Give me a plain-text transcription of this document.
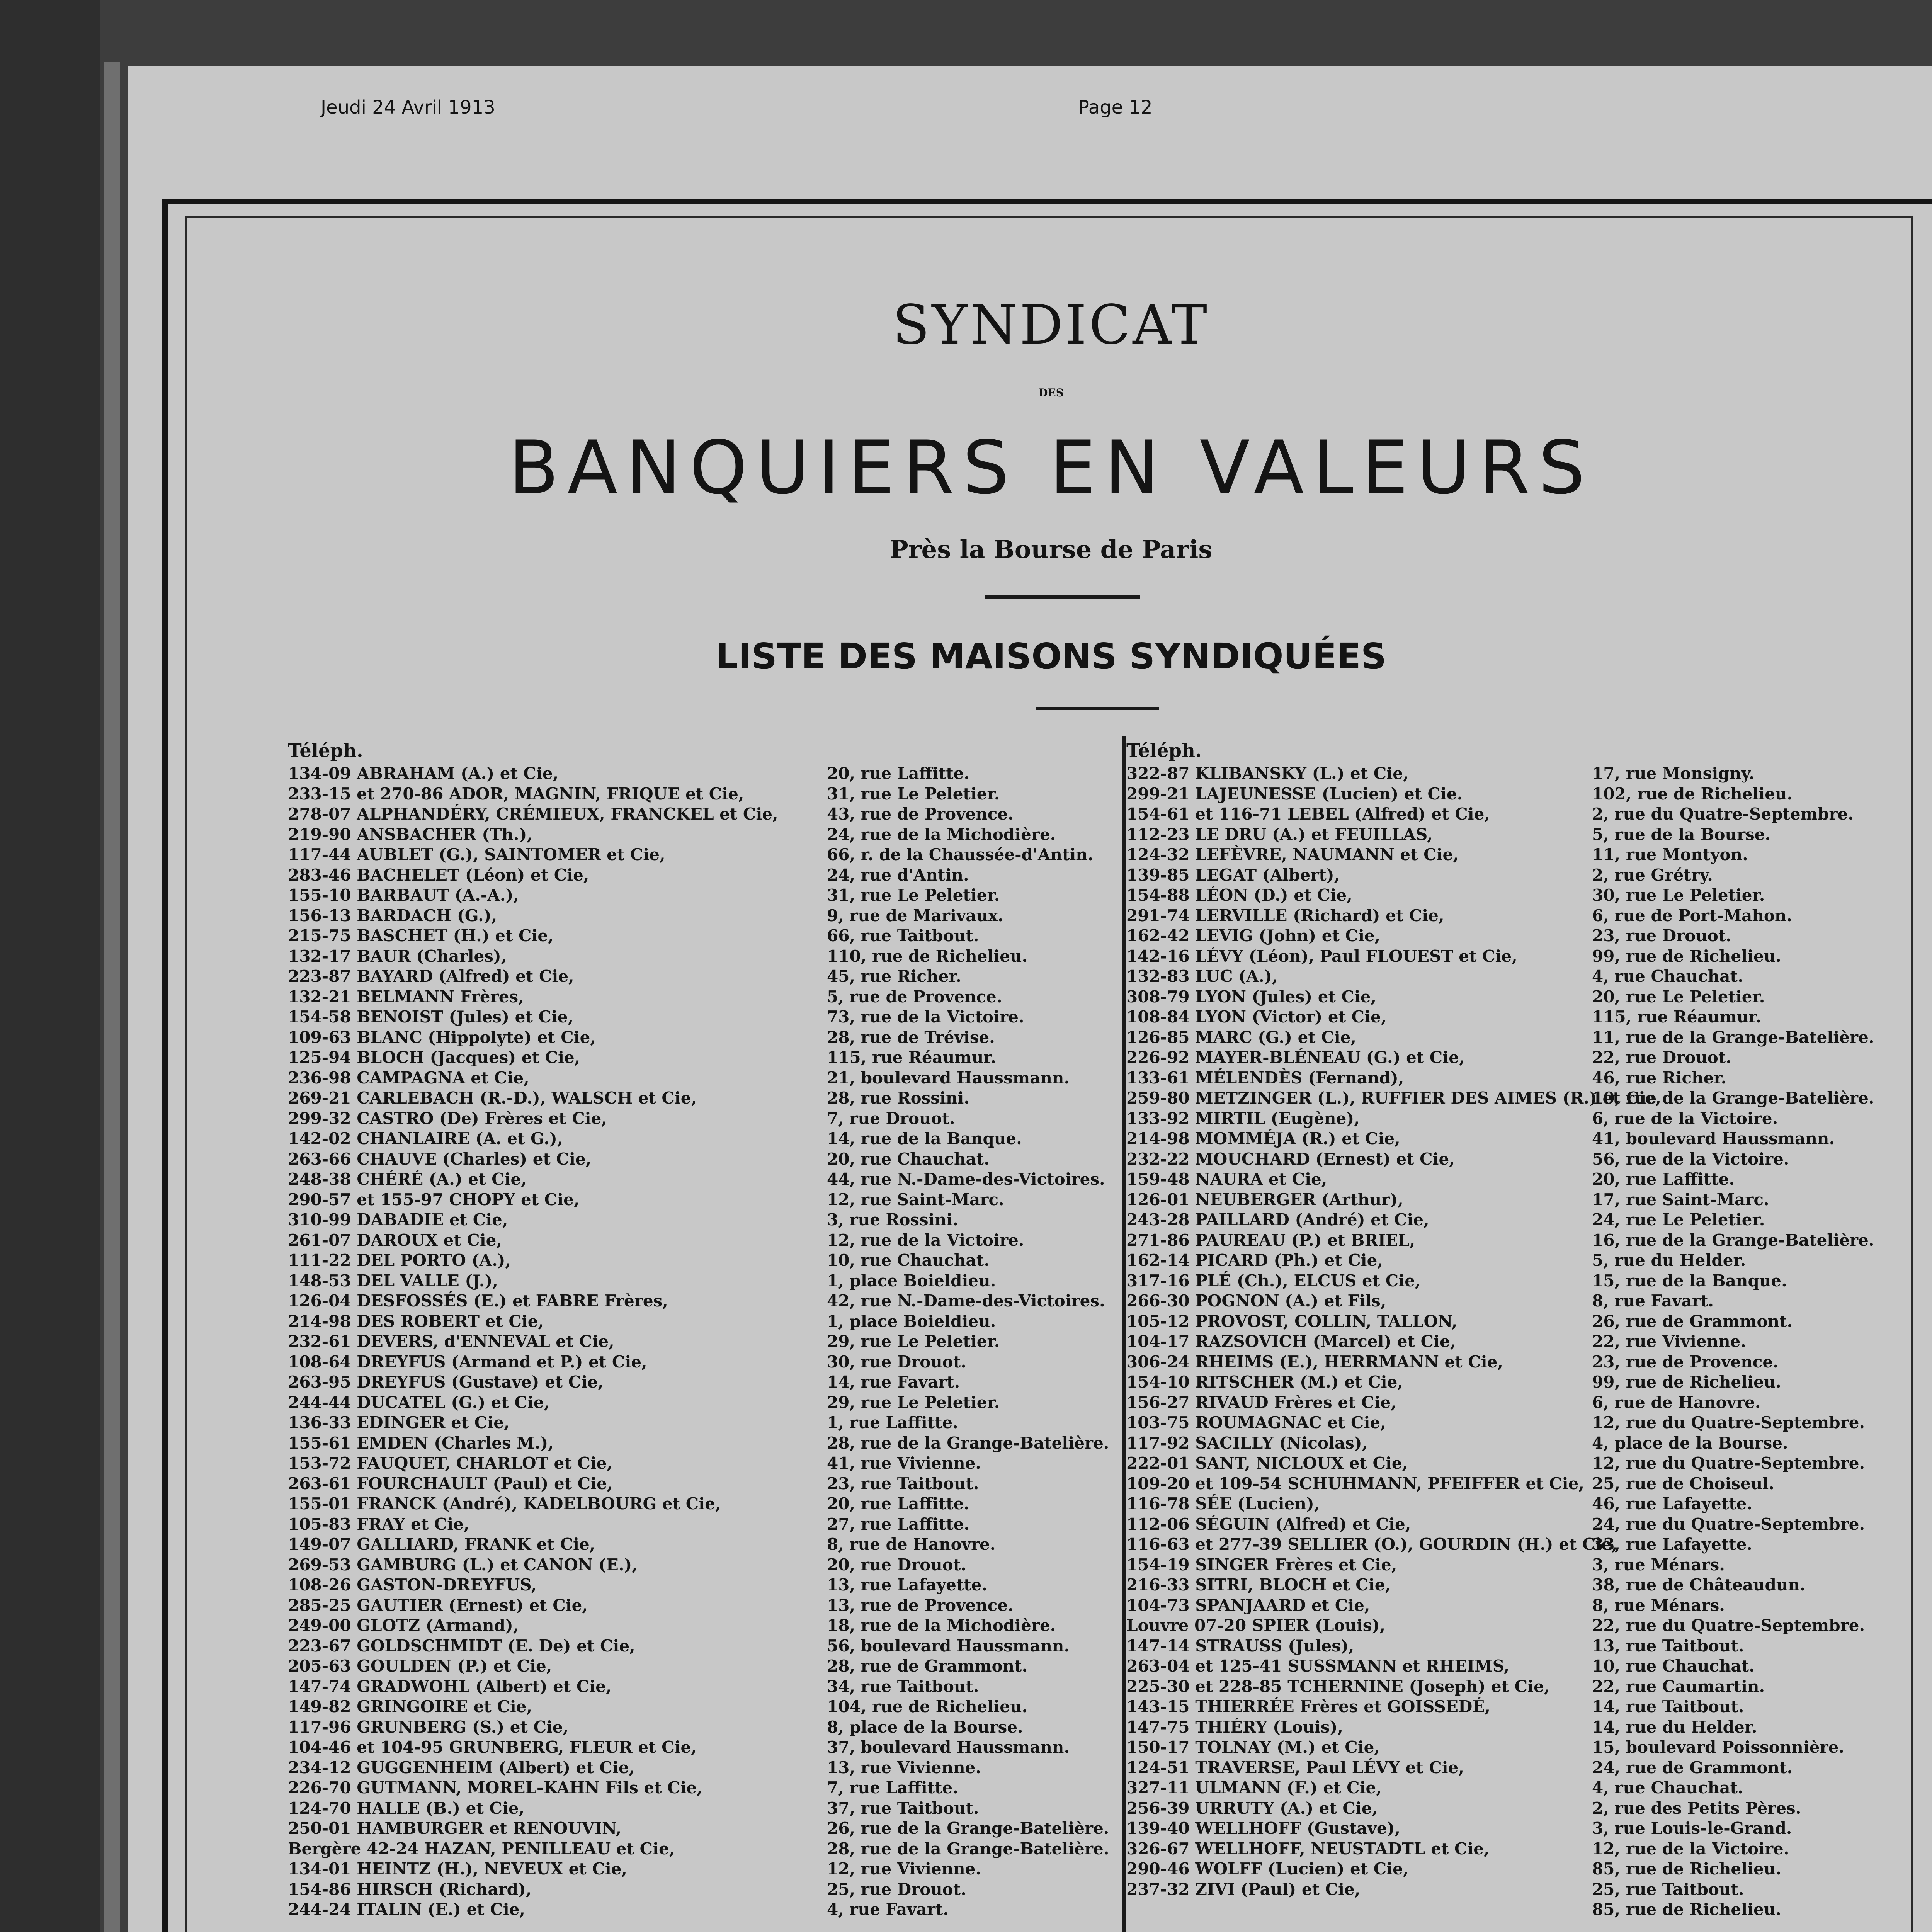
Jeudi 24 Avril 1913	Page 12
SYNDICAT
DES
BANQUIERS EN VALEURS
Près la Bourse de Paris
LISTE DES MAISONS SYNDIQUÉES
Téléph.
134-09 ABRAHAM (A.) et Cie,	20, rue Laffitte.
233-15 et 270-86 ADOR, MAGNIN, FRIQUE et Cie,	31, rue Le Peletier.
278-07 ALPHANDÉRY, CRÉMIEUX, FRANCKEL et Cie,	43, rue de Provence.
219-90 ANSBACHER (Th.),	24, rue de la Michodière.
117-44 AUBLET (G.), SAINTOMER et Cie,	66, r. de la Chaussée-d'Antin.
283-46 BACHELET (Léon) et Cie,	24, rue d'Antin.
155-10 BARBAUT (A.-A.),	31, rue Le Peletier.
156-13 BARDACH (G.),	9, rue de Marivaux.
215-75 BASCHET (H.) et Cie,	66, rue Taitbout.
132-17 BAUR (Charles),	110, rue de Richelieu.
223-87 BAYARD (Alfred) et Cie,	45, rue Richer.
132-21 BELMANN Frères,	5, rue de Provence.
154-58 BENOIST (Jules) et Cie,	73, rue de la Victoire.
109-63 BLANC (Hippolyte) et Cie,	28, rue de Trévise.
125-94 BLOCH (Jacques) et Cie,	115, rue Réaumur.
236-98 CAMPAGNA et Cie,	21, boulevard Haussmann.
269-21 CARLEBACH (R.-D.), WALSCH et Cie,	28, rue Rossini.
299-32 CASTRO (De) Frères et Cie,	7, rue Drouot.
142-02 CHANLAIRE (A. et G.),	14, rue de la Banque.
263-66 CHAUVE (Charles) et Cie,	20, rue Chauchat.
248-38 CHÉRÉ (A.) et Cie,	44, rue N.-Dame-des-Victoires.
290-57 et 155-97 CHOPY et Cie,	12, rue Saint-Marc.
310-99 DABADIE et Cie,	3, rue Rossini.
261-07 DAROUX et Cie,	12, rue de la Victoire.
111-22 DEL PORTO (A.),	10, rue Chauchat.
148-53 DEL VALLE (J.),	1, place Boieldieu.
126-04 DESFOSSÉS (E.) et FABRE Frères,	42, rue N.-Dame-des-Victoires.
214-98 DES ROBERT et Cie,	1, place Boieldieu.
232-61 DEVERS, d'ENNEVAL et Cie,	29, rue Le Peletier.
108-64 DREYFUS (Armand et P.) et Cie,	30, rue Drouot.
263-95 DREYFUS (Gustave) et Cie,	14, rue Favart.
244-44 DUCATEL (G.) et Cie,	29, rue Le Peletier.
136-33 EDINGER et Cie,	1, rue Laffitte.
155-61 EMDEN (Charles M.),	28, rue de la Grange-Batelière.
153-72 FAUQUET, CHARLOT et Cie,	41, rue Vivienne.
263-61 FOURCHAULT (Paul) et Cie,	23, rue Taitbout.
155-01 FRANCK (André), KADELBOURG et Cie,	20, rue Laffitte.
105-83 FRAY et Cie,	27, rue Laffitte.
149-07 GALLIARD, FRANK et Cie,	8, rue de Hanovre.
269-53 GAMBURG (L.) et CANON (E.),	20, rue Drouot.
108-26 GASTON-DREYFUS,	13, rue Lafayette.
285-25 GAUTIER (Ernest) et Cie,	13, rue de Provence.
249-00 GLOTZ (Armand),	18, rue de la Michodière.
223-67 GOLDSCHMIDT (E. De) et Cie,	56, boulevard Haussmann.
205-63 GOULDEN (P.) et Cie,	28, rue de Grammont.
147-74 GRADWOHL (Albert) et Cie,	34, rue Taitbout.
149-82 GRINGOIRE et Cie,	104, rue de Richelieu.
117-96 GRUNBERG (S.) et Cie,	8, place de la Bourse.
104-46 et 104-95 GRUNBERG, FLEUR et Cie,	37, boulevard Haussmann.
234-12 GUGGENHEIM (Albert) et Cie,	13, rue Vivienne.
226-70 GUTMANN, MOREL-KAHN Fils et Cie,	7, rue Laffitte.
124-70 HALLE (B.) et Cie,	37, rue Taitbout.
250-01 HAMBURGER et RENOUVIN,	26, rue de la Grange-Batelière.
Bergère 42-24 HAZAN, PENILLEAU et Cie,	28, rue de la Grange-Batelière.
134-01 HEINTZ (H.), NEVEUX et Cie,	12, rue Vivienne.
154-86 HIRSCH (Richard),	25, rue Drouot.
244-24 ITALIN (E.) et Cie,	4, rue Favart.
Téléph.
322-87 KLIBANSKY (L.) et Cie,	17, rue Monsigny.
299-21 LAJEUNESSE (Lucien) et Cie.	102, rue de Richelieu.
154-61 et 116-71 LEBEL (Alfred) et Cie,	2, rue du Quatre-Septembre.
112-23 LE DRU (A.) et FEUILLAS,	5, rue de la Bourse.
124-32 LEFÈVRE, NAUMANN et Cie,	11, rue Montyon.
139-85 LEGAT (Albert),	2, rue Grétry.
154-88 LÉON (D.) et Cie,	30, rue Le Peletier.
291-74 LERVILLE (Richard) et Cie,	6, rue de Port-Mahon.
162-42 LEVIG (John) et Cie,	23, rue Drouot.
142-16 LÉVY (Léon), Paul FLOUEST et Cie,	99, rue de Richelieu.
132-83 LUC (A.),	4, rue Chauchat.
308-79 LYON (Jules) et Cie,	20, rue Le Peletier.
108-84 LYON (Victor) et Cie,	115, rue Réaumur.
126-85 MARC (G.) et Cie,	11, rue de la Grange-Batelière.
226-92 MAYER-BLÉNEAU (G.) et Cie,	22, rue Drouot.
133-61 MÉLENDÈS (Fernand),	46, rue Richer.
259-80 METZINGER (L.), RUFFIER DES AIMES (R.) et Cie,
10, rue de la Grange-Batelière.
133-92 MIRTIL (Eugène),	6, rue de la Victoire.
214-98 MOMMÉJA (R.) et Cie,	41, boulevard Haussmann.
232-22 MOUCHARD (Ernest) et Cie,	56, rue de la Victoire.
159-48 NAURA et Cie,	20, rue Laffitte.
126-01 NEUBERGER (Arthur),	17, rue Saint-Marc.
243-28 PAILLARD (André) et Cie,	24, rue Le Peletier.
271-86 PAUREAU (P.) et BRIEL,	16, rue de la Grange-Batelière.
162-14 PICARD (Ph.) et Cie,	5, rue du Helder.
317-16 PLÉ (Ch.), ELCUS et Cie,	15, rue de la Banque.
266-30 POGNON (A.) et Fils,	8, rue Favart.
105-12 PROVOST, COLLIN, TALLON,	26, rue de Grammont.
104-17 RAZSOVICH (Marcel) et Cie,	22, rue Vivienne.
306-24 RHEIMS (E.), HERRMANN et Cie,	23, rue de Provence.
154-10 RITSCHER (M.) et Cie,	99, rue de Richelieu.
156-27 RIVAUD Frères et Cie,	6, rue de Hanovre.
103-75 ROUMAGNAC et Cie,	12, rue du Quatre-Septembre.
117-92 SACILLY (Nicolas),	4, place de la Bourse.
222-01 SANT, NICLOUX et Cie,	12, rue du Quatre-Septembre.
109-20 et 109-54 SCHUHMANN, PFEIFFER et Cie, 25, rue de Choiseul.
116-78 SÉE (Lucien),	46, rue Lafayette.
112-06 SÉGUIN (Alfred) et Cie,	24, rue du Quatre-Septembre.
116-63 et 277-39 SELLIER (O.), GOURDIN (H.) et Cie,
33, rue Lafayette.
154-19 SINGER Frères et Cie,	3, rue Ménars.
216-33 SITRI, BLOCH et Cie,	38, rue de Châteaudun.
104-73 SPANJAARD et Cie,	8, rue Ménars.
Louvre 07-20 SPIER (Louis),	22, rue du Quatre-Septembre.
147-14 STRAUSS (Jules),	13, rue Taitbout.
263-04 et 125-41 SUSSMANN et RHEIMS,	10, rue Chauchat.
225-30 et 228-85 TCHERNINE (Joseph) et Cie,	22, rue Caumartin.
143-15 THIERRÉE Frères et GOISSEDÉ,	14, rue Taitbout.
147-75 THIÉRY (Louis),	14, rue du Helder.
150-17 TOLNAY (M.) et Cie,	15, boulevard Poissonnière.
124-51 TRAVERSE, Paul LÉVY et Cie,	24, rue de Grammont.
327-11 ULMANN (F.) et Cie,	4, rue Chauchat.
256-39 URRUTY (A.) et Cie,	2, rue des Petits Pères.
139-40 WELLHOFF (Gustave),	3, rue Louis-le-Grand.
326-67 WELLHOFF, NEUSTADTL et Cie,	12, rue de la Victoire.
290-46 WOLFF (Lucien) et Cie,	85, rue de Richelieu.
237-32 ZIVI (Paul) et Cie,	25, rue Taitbout.
85, rue de Richelieu.
